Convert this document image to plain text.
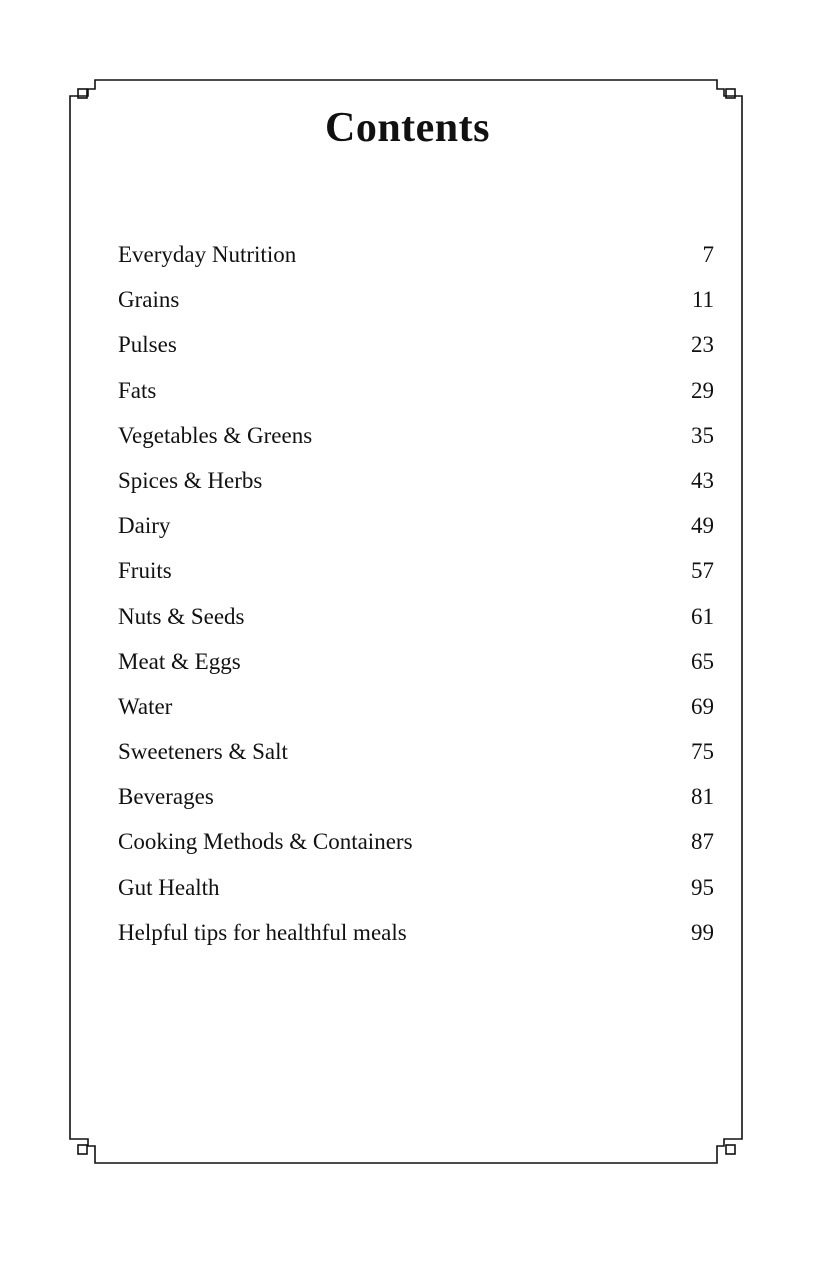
Contents
Everyday Nutrition	7
Grains	11
Pulses	23
Fats	29
Vegetables & Greens	35
Spices & Herbs	43
Dairy	49
Fruits	57
Nuts & Seeds	61
Meat & Eggs	65
Water	69
Sweeteners & Salt	75
Beverages	81
Cooking Methods & Containers	87
Gut Health	95
Helpful tips for healthful meals	99
